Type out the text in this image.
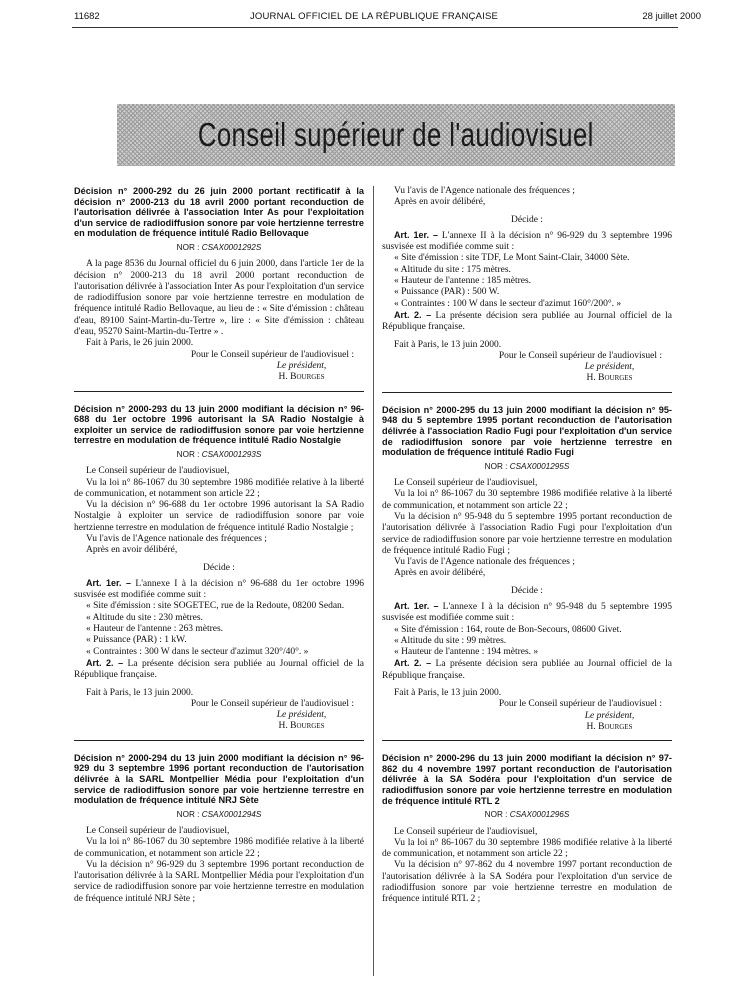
11682	JOURNAL OFFICIEL DE LA RÉPUBLIQUE FRANÇAISE	28 juillet 2000
Conseil supérieur de l'audiovisuel

Décision n° 2000-292 du 26 juin 2000 portant rectificatif à la décision n° 2000-213 du 18 avril 2000 portant reconduction de l'autorisation délivrée à l'association Inter As pour l'exploitation d'un service de radiodiffusion sonore par voie hertzienne terrestre en modulation de fréquence intitulé Radio Bellovaque

NOR : CSAX0001292S

A la page 8536 du Journal officiel du 6 juin 2000, dans l'article 1er de la décision n° 2000-213 du 18 avril 2000 portant reconduction de l'autorisation délivrée à l'association Inter As pour l'exploitation d'un service de radiodiffusion sonore par voie hertzienne terrestre en modulation de fréquence intitulé Radio Bellovaque, au lieu de : « Site d'émission : château d'eau, 89100 Saint-Martin-du-Tertre », lire : « Site d'émission : château d'eau, 95270 Saint-Martin-du-Tertre » .

Fait à Paris, le 26 juin 2000.

Pour le Conseil supérieur de l'audiovisuel :

Le président,

H. Bourges

Décision n° 2000-293 du 13 juin 2000 modifiant la décision n° 96-688 du 1er octobre 1996 autorisant la SA Radio Nostalgie à exploiter un service de radiodiffusion sonore par voie hertzienne terrestre en modulation de fréquence intitulé Radio Nostalgie

NOR : CSAX0001293S

Le Conseil supérieur de l'audiovisuel,

Vu la loi n° 86-1067 du 30 septembre 1986 modifiée relative à la liberté de communication, et notamment son article 22 ;

Vu la décision n° 96-688 du 1er octobre 1996 autorisant la SA Radio Nostalgie à exploiter un service de radiodiffusion sonore par voie hertzienne terrestre en modulation de fréquence intitulé Radio Nostalgie ;

Vu l'avis de l'Agence nationale des fréquences ;

Après en avoir délibéré,

Décide :

Art. 1er. – L'annexe I à la décision n° 96-688 du 1er octobre 1996 susvisée est modifiée comme suit :

« Site d'émission : site SOGETEC, rue de la Redoute, 08200 Sedan.

« Altitude du site : 230 mètres.

« Hauteur de l'antenne : 263 mètres.

« Puissance (PAR) : 1 kW.

« Contraintes : 300 W dans le secteur d'azimut 320°/40°. »

Art. 2. – La présente décision sera publiée au Journal officiel de la République française.

Fait à Paris, le 13 juin 2000.

Pour le Conseil supérieur de l'audiovisuel :

Le président,

H. Bourges

Décision n° 2000-294 du 13 juin 2000 modifiant la décision n° 96-929 du 3 septembre 1996 portant reconduction de l'autorisation délivrée à la SARL Montpellier Média pour l'exploitation d'un service de radiodiffusion sonore par voie hertzienne terrestre en modulation de fréquence intitulé NRJ Sète

NOR : CSAX0001294S

Le Conseil supérieur de l'audiovisuel,

Vu la loi n° 86-1067 du 30 septembre 1986 modifiée relative à la liberté de communication, et notamment son article 22 ;

Vu la décision n° 96-929 du 3 septembre 1996 portant reconduction de l'autorisation délivrée à la SARL Montpellier Média pour l'exploitation d'un service de radiodiffusion sonore par voie hertzienne terrestre en modulation de fréquence intitulé NRJ Sète ;

Vu l'avis de l'Agence nationale des fréquences ;

Après en avoir délibéré,

Décide :

Art. 1er. – L'annexe II à la décision n° 96-929 du 3 septembre 1996 susvisée est modifiée comme suit :

« Site d'émission : site TDF, Le Mont Saint-Clair, 34000 Sète.

« Altitude du site : 175 mètres.

« Hauteur de l'antenne : 185 mètres.

« Puissance (PAR) : 500 W.

« Contraintes : 100 W dans le secteur d'azimut 160°/200°. »

Art. 2. – La présente décision sera publiée au Journal officiel de la République française.

Fait à Paris, le 13 juin 2000.

Pour le Conseil supérieur de l'audiovisuel :

Le président,

H. Bourges

Décision n° 2000-295 du 13 juin 2000 modifiant la décision n° 95-948 du 5 septembre 1995 portant reconduction de l'autorisation délivrée à l'association Radio Fugi pour l'exploitation d'un service de radiodiffusion sonore par voie hertzienne terrestre en modulation de fréquence intitulé Radio Fugi

NOR : CSAX0001295S

Le Conseil supérieur de l'audiovisuel,

Vu la loi n° 86-1067 du 30 septembre 1986 modifiée relative à la liberté de communication, et notamment son article 22 ;

Vu la décision n° 95-948 du 5 septembre 1995 portant reconduction de l'autorisation délivrée à l'association Radio Fugi pour l'exploitation d'un service de radiodiffusion sonore par voie hertzienne terrestre en modulation de fréquence intitulé Radio Fugi ;

Vu l'avis de l'Agence nationale des fréquences ;

Après en avoir délibéré,

Décide :

Art. 1er. – L'annexe I à la décision n° 95-948 du 5 septembre 1995 susvisée est modifiée comme suit :

« Site d'émission : 164, route de Bon-Secours, 08600 Givet.

« Altitude du site : 99 mètres.

« Hauteur de l'antenne : 194 mètres. »

Art. 2. – La présente décision sera publiée au Journal officiel de la République française.

Fait à Paris, le 13 juin 2000.

Pour le Conseil supérieur de l'audiovisuel :

Le président,

H. Bourges

Décision n° 2000-296 du 13 juin 2000 modifiant la décision n° 97-862 du 4 novembre 1997 portant reconduction de l'autorisation délivrée à la SA Sodéra pour l'exploitation d'un service de radiodiffusion sonore par voie hertzienne terrestre en modulation de fréquence intitulé RTL 2

NOR : CSAX0001296S

Le Conseil supérieur de l'audiovisuel,

Vu la loi n° 86-1067 du 30 septembre 1986 modifiée relative à la liberté de communication, et notamment son article 22 ;

Vu la décision n° 97-862 du 4 novembre 1997 portant reconduction de l'autorisation délivrée à la SA Sodéra pour l'exploitation d'un service de radiodiffusion sonore par voie hertzienne terrestre en modulation de fréquence intitulé RTL 2 ;
